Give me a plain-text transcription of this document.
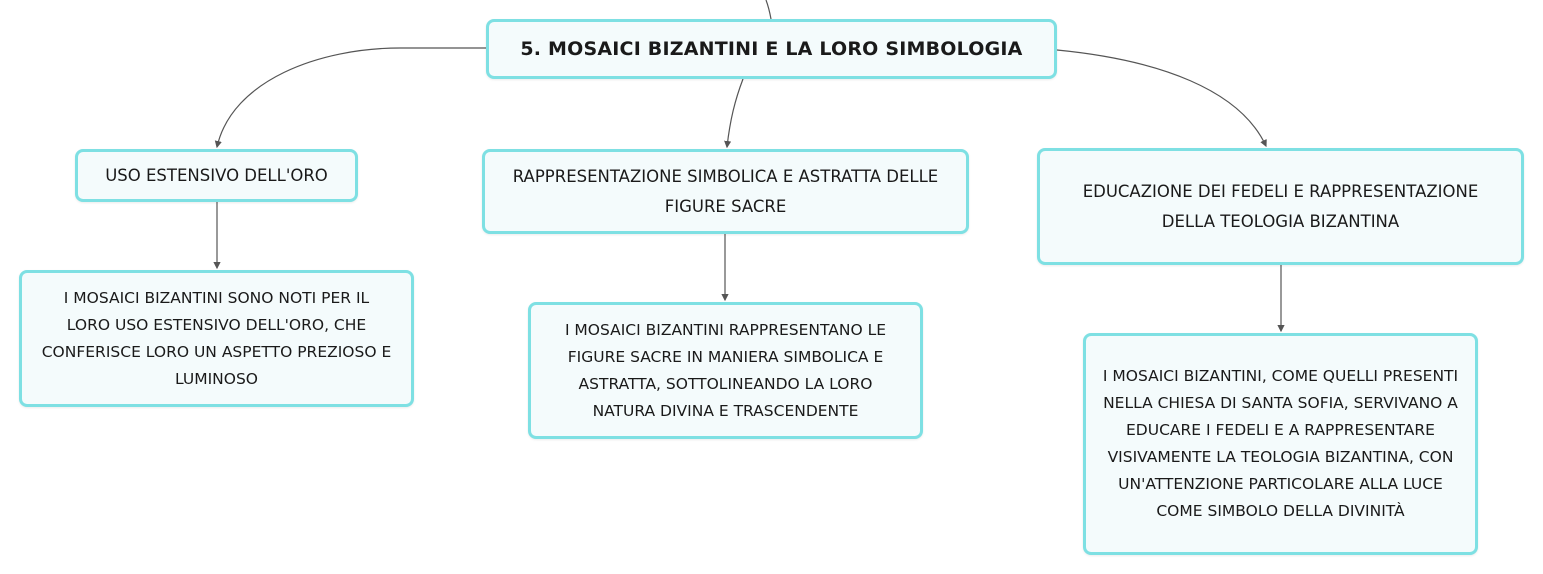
5. MOSAICI BIZANTINI E LA LORO SIMBOLOGIA
USO ESTENSIVO DELL'ORO	RAPPRESENTAZIONE SIMBOLICA E ASTRATTA DELLE
FIGURE SACRE
EDUCAZIONE DEI FEDELI E RAPPRESENTAZIONE
DELLA TEOLOGIA BIZANTINA
I MOSAICI BIZANTINI SONO NOTI PER IL
LORO USO ESTENSIVO DELL'ORO, CHE
CONFERISCE LORO UN ASPETTO PREZIOSO E
LUMINOSO
I MOSAICI BIZANTINI RAPPRESENTANO LE
FIGURE SACRE IN MANIERA SIMBOLICA E
ASTRATTA, SOTTOLINEANDO LA LORO
NATURA DIVINA E TRASCENDENTE
I MOSAICI BIZANTINI, COME QUELLI PRESENTI
NELLA CHIESA DI SANTA SOFIA, SERVIVANO A
EDUCARE I FEDELI E A RAPPRESENTARE
VISIVAMENTE LA TEOLOGIA BIZANTINA, CON
UN'ATTENZIONE PARTICOLARE ALLA LUCE
COME SIMBOLO DELLA DIVINITÀ
